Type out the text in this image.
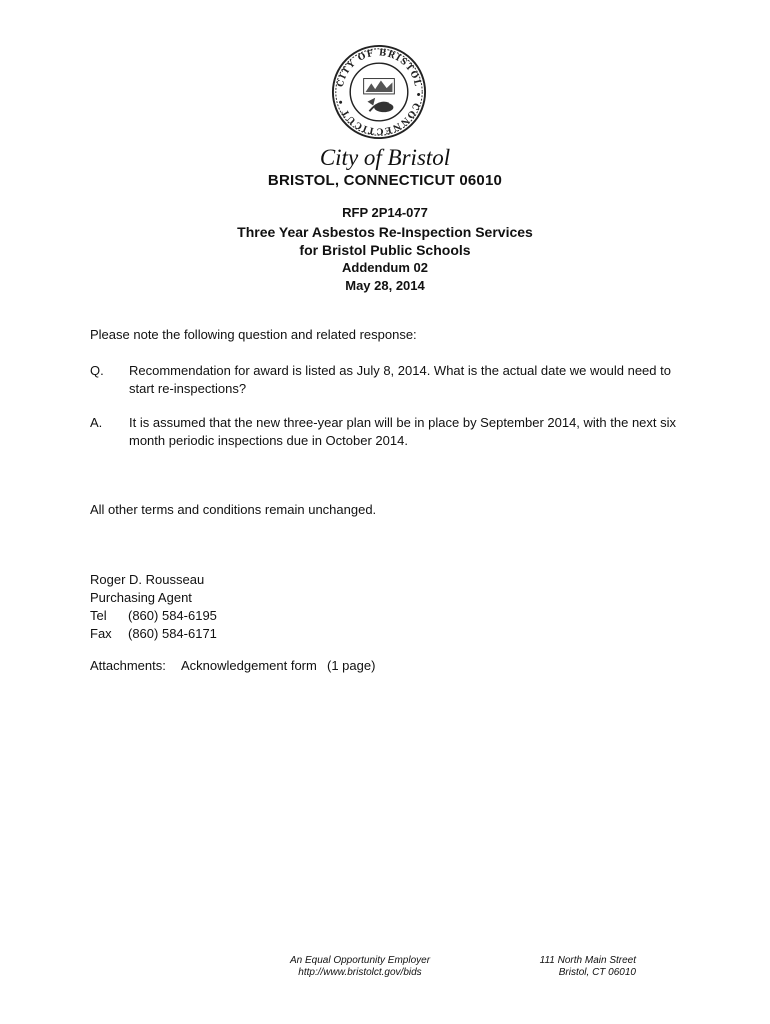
CITY OF BRISTOL • CONNECTICUT •
City of Bristol
BRISTOL, CONNECTICUT 06010
RFP 2P14-077
Three Year Asbestos Re-Inspection Services
for Bristol Public Schools
Addendum 02
May 28, 2014
Please note the following question and related response:
Q.	Recommendation for award is listed as July 8, 2014. What is the actual date we would need to start re-inspections?
A.	It is assumed that the new three-year plan will be in place by September 2014, with the next six month periodic inspections due in October 2014.
All other terms and conditions remain unchanged.
Roger D. Rousseau
Purchasing Agent
Tel	(860) 584-6195
Fax	(860) 584-6171
Attachments:	Acknowledgement form (1 page)
An Equal Opportunity Employer
http://www.bristolct.gov/bids
111 North Main Street
Bristol, CT 06010
